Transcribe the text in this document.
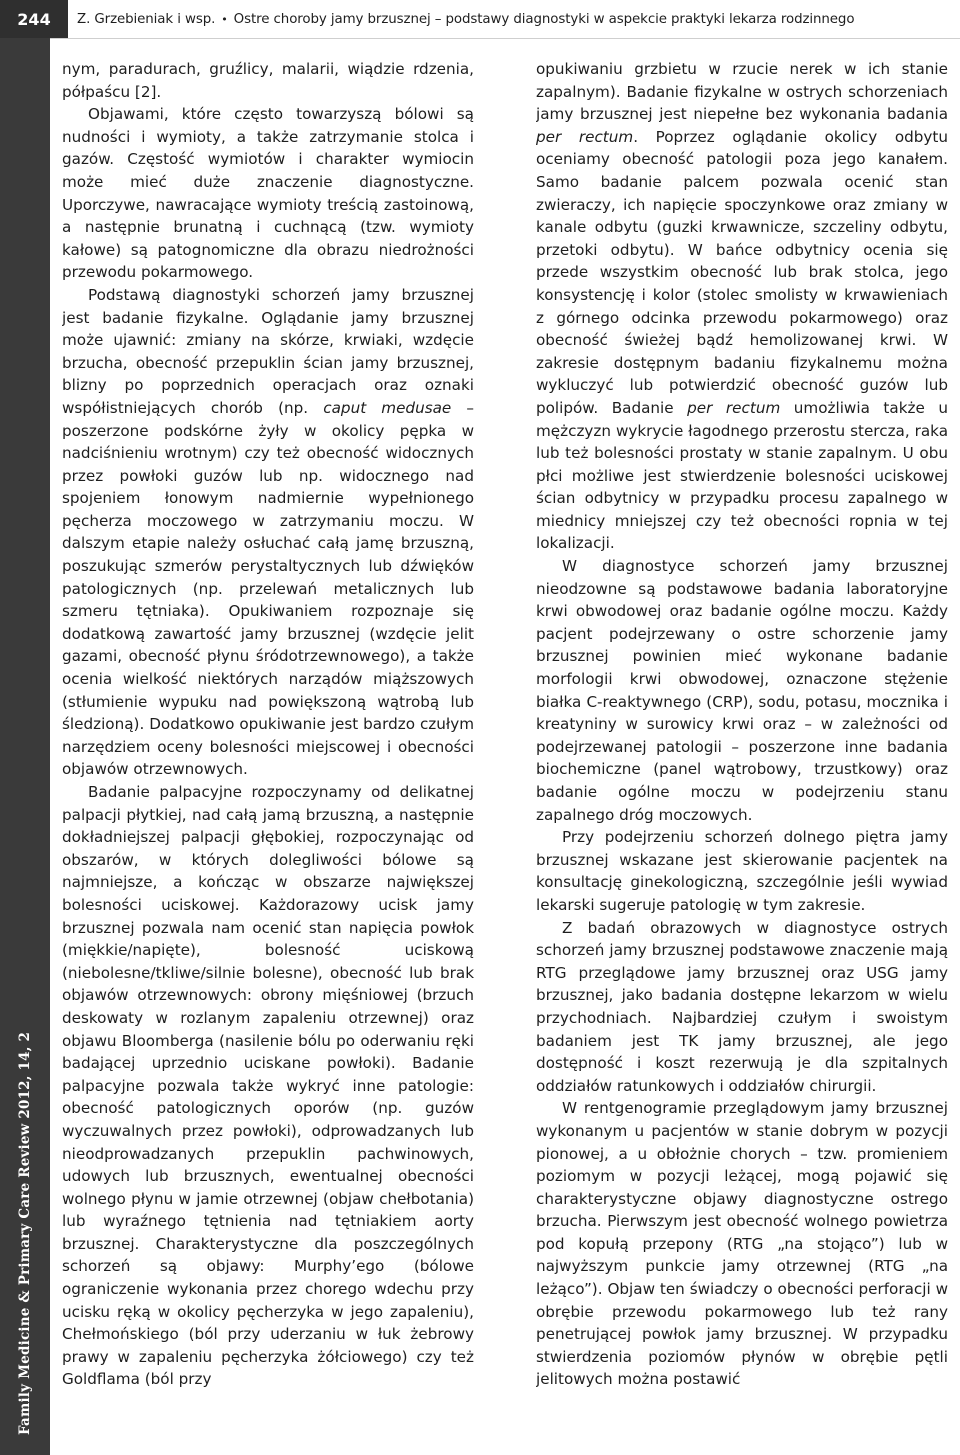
244	Z. Grzebieniak i wsp. • Ostre choroby jamy brzusznej – podstawy diagnostyki w aspekcie praktyki lekarza rodzinnego
Family Medicine & Primary Care Review 2012, 14, 2

nym, paradurach, gruźlicy, malarii, wiądzie rdzenia, półpaścu [2].

Objawami, które często towarzyszą bólowi są nudności i wymioty, a także zatrzymanie stolca i gazów. Częstość wymiotów i charakter wymiocin może mieć duże znaczenie diagnostyczne. Uporczywe, nawracające wymioty treścią zastoinową, a następnie brunatną i cuchnącą (tzw. wymioty kałowe) są patognomiczne dla obrazu niedrożności przewodu pokarmowego.

Podstawą diagnostyki schorzeń jamy brzusznej jest badanie fizykalne. Oglądanie jamy brzusznej może ujawnić: zmiany na skórze, krwiaki, wzdęcie brzucha, obecność przepuklin ścian jamy brzusznej, blizny po poprzednich operacjach oraz oznaki współistniejących chorób (np. caput medusae – poszerzone podskórne żyły w okolicy pępka w nadciśnieniu wrotnym) czy też obecność widocznych przez powłoki guzów lub np. widocznego nad spojeniem łonowym nadmiernie wypełnionego pęcherza moczowego w zatrzymaniu moczu. W dalszym etapie należy osłuchać całą jamę brzuszną, poszukując szmerów perystaltycznych lub dźwięków patologicznych (np. przelewań metalicznych lub szmeru tętniaka). Opukiwaniem rozpoznaje się dodatkową zawartość jamy brzusznej (wzdęcie jelit gazami, obecność płynu śródotrzewnowego), a także ocenia wielkość niektórych narządów miąższowych (stłumienie wypuku nad powiększoną wątrobą lub śledzioną). Dodatkowo opukiwanie jest bardzo czułym narzędziem oceny bolesności miejscowej i obecności objawów otrzewnowych.

Badanie palpacyjne rozpoczynamy od delikatnej palpacji płytkiej, nad całą jamą brzuszną, a następnie dokładniejszej palpacji głębokiej, rozpoczynając od obszarów, w których dolegliwości bólowe są najmniejsze, a kończąc w obszarze największej bolesności uciskowej. Każdorazowy ucisk jamy brzusznej pozwala nam ocenić stan napięcia powłok (miękkie/napięte), bolesność uciskową (niebolesne/tkliwe/silnie bolesne), obecność lub brak objawów otrzewnowych: obrony mięśniowej (brzuch deskowaty w rozlanym zapaleniu otrzewnej) oraz objawu Bloomberga (nasilenie bólu po oderwaniu ręki badającej uprzednio uciskane powłoki). Badanie palpacyjne pozwala także wykryć inne patologie: obecność patologicznych oporów (np. guzów wyczuwalnych przez powłoki), odprowadzanych lub nieodprowadzanych przepuklin pachwinowych, udowych lub brzusznych, ewentualnej obecności wolnego płynu w jamie otrzewnej (objaw chełbotania) lub wyraźnego tętnienia nad tętniakiem aorty brzusznej. Charakterystyczne dla poszczególnych schorzeń są objawy: Murphy’ego (bólowe ograniczenie wykonania przez chorego wdechu przy ucisku ręką w okolicy pęcherzyka w jego zapaleniu), Chełmońskiego (ból przy uderzaniu w łuk żebrowy prawy w zapaleniu pęcherzyka żółciowego) czy też Goldflama (ból przy

opukiwaniu grzbietu w rzucie nerek w ich stanie zapalnym). Badanie fizykalne w ostrych schorzeniach jamy brzusznej jest niepełne bez wykonania badania per rectum. Poprzez oglądanie okolicy odbytu oceniamy obecność patologii poza jego kanałem. Samo badanie palcem pozwala ocenić stan zwieraczy, ich napięcie spoczynkowe oraz zmiany w kanale odbytu (guzki krwawnicze, szczeliny odbytu, przetoki odbytu). W bańce odbytnicy ocenia się przede wszystkim obecność lub brak stolca, jego konsystencję i kolor (stolec smolisty w krwawieniach z górnego odcinka przewodu pokarmowego) oraz obecność świeżej bądź hemolizowanej krwi. W zakresie dostępnym badaniu fizykalnemu można wykluczyć lub potwierdzić obecność guzów lub polipów. Badanie per rectum umożliwia także u mężczyzn wykrycie łagodnego przerostu stercza, raka lub też bolesności prostaty w stanie zapalnym. U obu płci możliwe jest stwierdzenie bolesności uciskowej ścian odbytnicy w przypadku procesu zapalnego w miednicy mniejszej czy też obecności ropnia w tej lokalizacji.

W diagnostyce schorzeń jamy brzusznej nieodzowne są podstawowe badania laboratoryjne krwi obwodowej oraz badanie ogólne moczu. Każdy pacjent podejrzewany o ostre schorzenie jamy brzusznej powinien mieć wykonane badanie morfologii krwi obwodowej, oznaczone stężenie białka C-reaktywnego (CRP), sodu, potasu, mocznika i kreatyniny w surowicy krwi oraz – w zależności od podejrzewanej patologii – poszerzone inne badania biochemiczne (panel wątrobowy, trzustkowy) oraz badanie ogólne moczu w podejrzeniu stanu zapalnego dróg moczowych.

Przy podejrzeniu schorzeń dolnego piętra jamy brzusznej wskazane jest skierowanie pacjentek na konsultację ginekologiczną, szczególnie jeśli wywiad lekarski sugeruje patologię w tym zakresie.

Z badań obrazowych w diagnostyce ostrych schorzeń jamy brzusznej podstawowe znaczenie mają RTG przeglądowe jamy brzusznej oraz USG jamy brzusznej, jako badania dostępne lekarzom w wielu przychodniach. Najbardziej czułym i swoistym badaniem jest TK jamy brzusznej, ale jego dostępność i koszt rezerwują je dla szpitalnych oddziałów ratunkowych i oddziałów chirurgii.

W rentgenogramie przeglądowym jamy brzusznej wykonanym u pacjentów w stanie dobrym w pozycji pionowej, a u obłożnie chorych – tzw. promieniem poziomym w pozycji leżącej, mogą pojawić się charakterystyczne objawy diagnostyczne ostrego brzucha. Pierwszym jest obecność wolnego powietrza pod kopułą przepony (RTG „na stojąco”) lub w najwyższym punkcie jamy otrzewnej (RTG „na leżąco”). Objaw ten świadczy o obecności perforacji w obrębie przewodu pokarmowego lub też rany penetrującej powłok jamy brzusznej. W przypadku stwierdzenia poziomów płynów w obrębie pętli jelitowych można postawić
